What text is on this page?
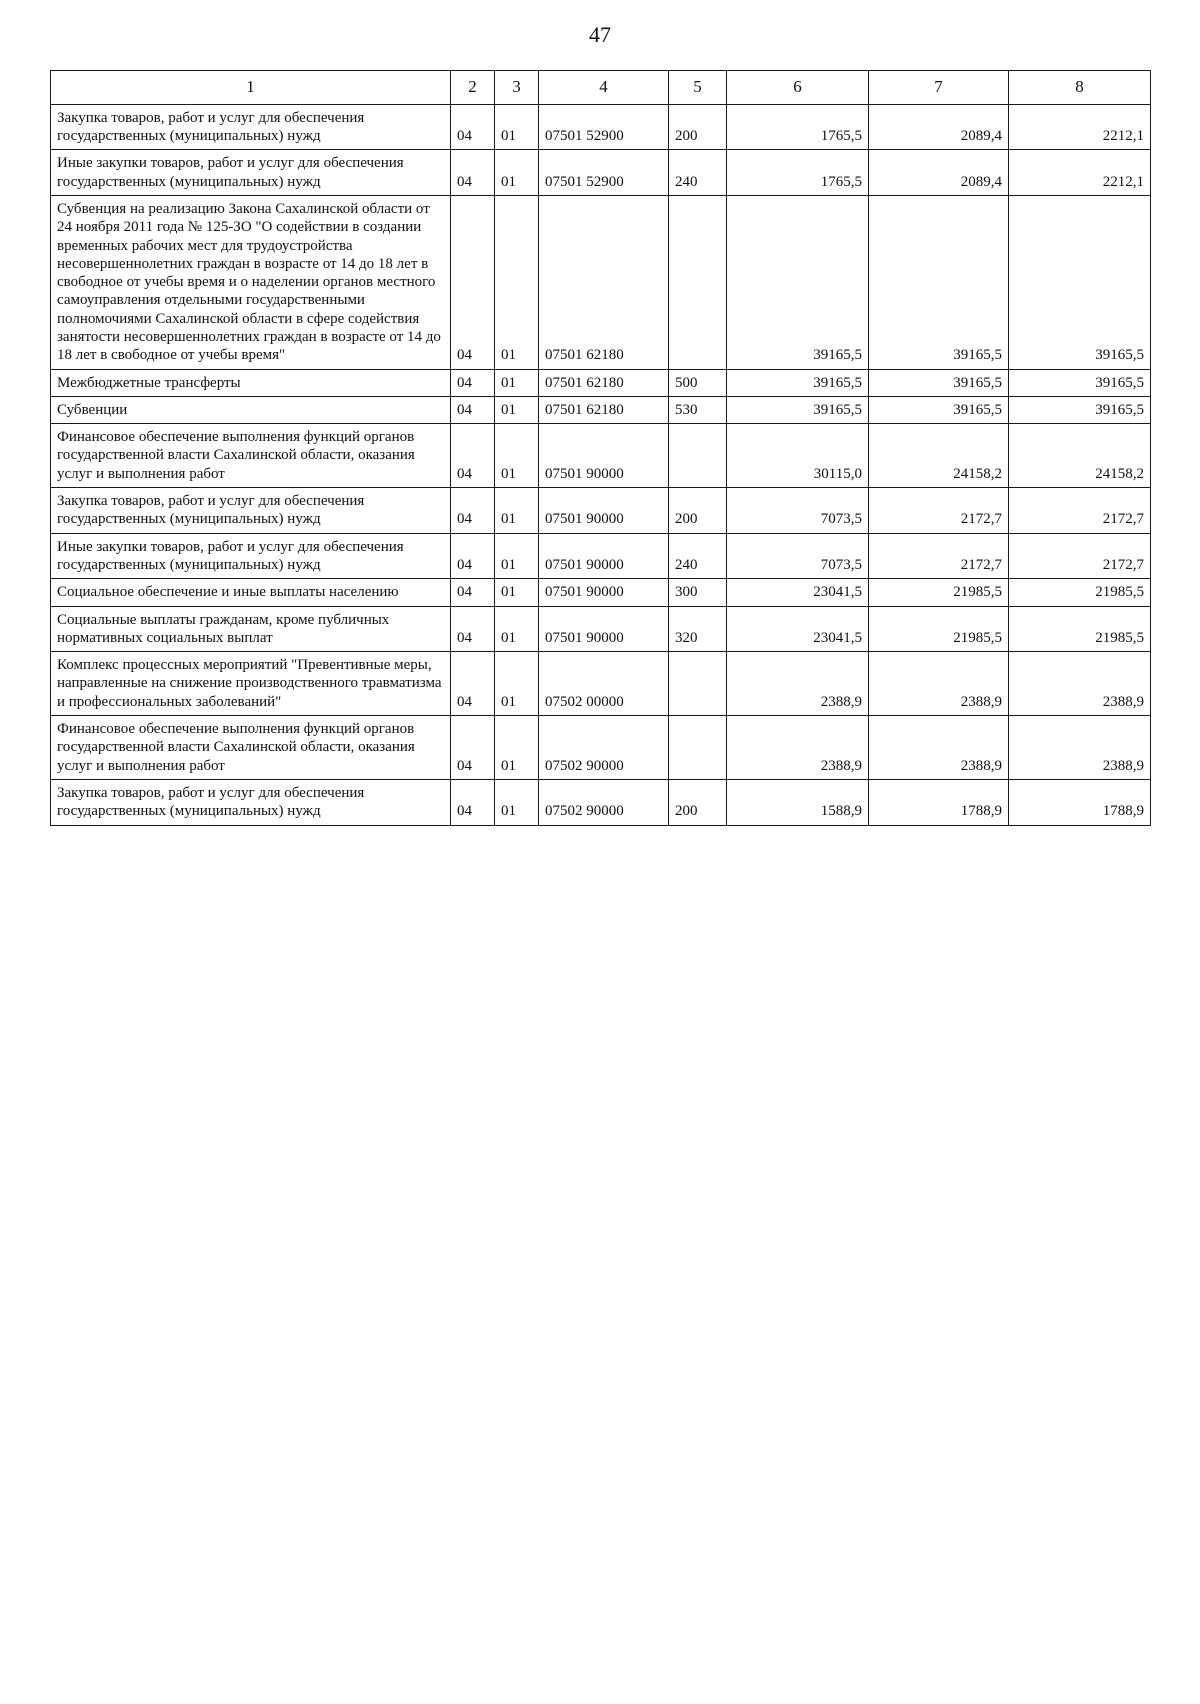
47
1	2	3	4	5	6	7	8
Закупка товаров, работ и услуг для обеспечения государственных (муниципальных) нужд	04	01	07501 52900	200	1765,5	2089,4	2212,1
Иные закупки товаров, работ и услуг для обеспечения государственных (муниципальных) нужд	04	01	07501 52900	240	1765,5	2089,4	2212,1
Субвенция на реализацию Закона Сахалинской области от 24 ноября 2011 года № 125-ЗО "О содействии в создании временных рабочих мест для трудоустройства несовершеннолетних граждан в возрасте от 14 до 18 лет в свободное от учебы время и о наделении органов местного самоуправления отдельными государственными полномочиями Сахалинской области в сфере содействия занятости несовершеннолетних граждан в возрасте от 14 до 18 лет в свободное от учебы время"	04	01	07501 62180		39165,5	39165,5	39165,5
Межбюджетные трансферты	04	01	07501 62180	500	39165,5	39165,5	39165,5
Субвенции	04	01	07501 62180	530	39165,5	39165,5	39165,5
Финансовое обеспечение выполнения функций органов государственной власти Сахалинской области, оказания услуг и выполнения работ	04	01	07501 90000		30115,0	24158,2	24158,2
Закупка товаров, работ и услуг для обеспечения государственных (муниципальных) нужд	04	01	07501 90000	200	7073,5	2172,7	2172,7
Иные закупки товаров, работ и услуг для обеспечения государственных (муниципальных) нужд	04	01	07501 90000	240	7073,5	2172,7	2172,7
Социальное обеспечение и иные выплаты населению	04	01	07501 90000	300	23041,5	21985,5	21985,5
Социальные выплаты гражданам, кроме публичных нормативных социальных выплат	04	01	07501 90000	320	23041,5	21985,5	21985,5
Комплекс процессных мероприятий "Превентивные меры, направленные на снижение производственного травматизма и профессиональных заболеваний"	04	01	07502 00000		2388,9	2388,9	2388,9
Финансовое обеспечение выполнения функций органов государственной власти Сахалинской области, оказания услуг и выполнения работ	04	01	07502 90000		2388,9	2388,9	2388,9
Закупка товаров, работ и услуг для обеспечения государственных (муниципальных) нужд	04	01	07502 90000	200	1588,9	1788,9	1788,9
